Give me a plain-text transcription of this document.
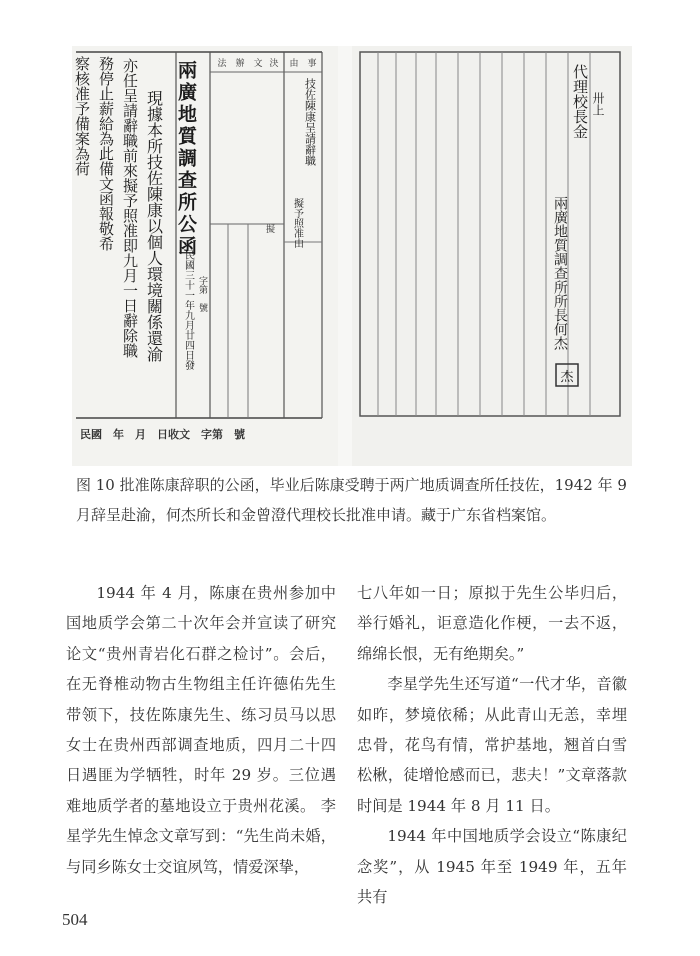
事
由
決
文
辦
法
技佐陳康呈請辭職
擬予照准由
擬
兩廣地質調查所公函
字第　號
民國三十一年九月廿四日發
現據本所技佐陳康以個人環境關係還渝
亦任呈請辭職前來擬予照准即九月一日辭除職
務停止薪給為此備文函報敬希
察核准予備案為荷
民國　年　月　日收文　字第　號
卅上
代理校長金
兩廣地質調查所所長何杰
杰

图 10 批准陈康辞职的公函，毕业后陈康受聘于两广地质调查所任技佐，1942 年 9 月辞呈赴渝，何杰所长和金曾澄代理校长批准申请。藏于广东省档案馆。

1944 年 4 月，陈康在贵州参加中国地质学会第二十次年会并宣读了研究论文“贵州青岩化石群之检讨”。会后，在无脊椎动物古生物组主任许德佑先生带领下，技佐陈康先生、练习员马以思女士在贵州西部调查地质，四月二十四日遇匪为学牺牲，时年 29 岁。三位遇难地质学者的墓地设立于贵州花溪。 李星学先生悼念文章写到：“先生尚未婚，与同乡陈女士交谊夙笃，情爱深挚，

七八年如一日；原拟于先生公毕归后，举行婚礼，讵意造化作梗，一去不返，绵绵长恨，无有绝期矣。”

李星学先生还写道“一代才华，音徽如昨，梦境依稀；从此青山无恙，幸埋忠骨，花鸟有情，常护基地，翘首白雪松楸，徒增怆感而已，悲夫！”文章落款时间是 1944 年 8 月 11 日。

1944 年中国地质学会设立“陈康纪念奖”，从 1945 年至 1949 年，五年共有

504
